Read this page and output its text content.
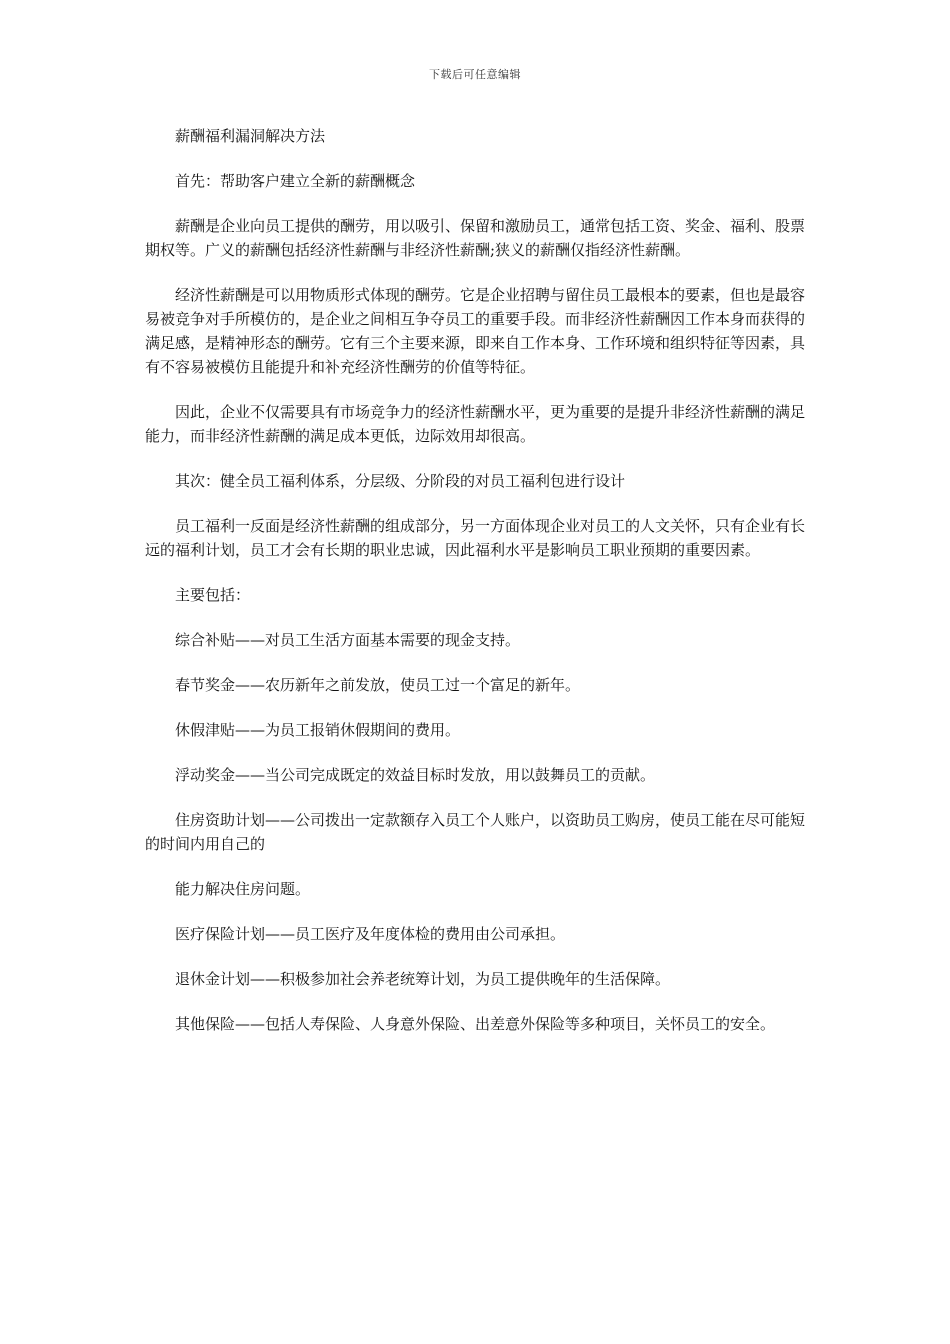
下载后可任意编辑

薪酬福利漏洞解决方法

首先：帮助客户建立全新的薪酬概念

薪酬是企业向员工提供的酬劳，用以吸引、保留和激励员工，通常包括工资、奖金、福利、股票期权等。广义的薪酬包括经济性薪酬与非经济性薪酬;狭义的薪酬仅指经济性薪酬。

经济性薪酬是可以用物质形式体现的酬劳。它是企业招聘与留住员工最根本的要素，但也是最容易被竞争对手所模仿的，是企业之间相互争夺员工的重要手段。而非经济性薪酬因工作本身而获得的满足感，是精神形态的酬劳。它有三个主要来源，即来自工作本身、工作环境和组织特征等因素，具有不容易被模仿且能提升和补充经济性酬劳的价值等特征。

因此，企业不仅需要具有市场竞争力的经济性薪酬水平，更为重要的是提升非经济性薪酬的满足能力，而非经济性薪酬的满足成本更低，边际效用却很高。

其次：健全员工福利体系，分层级、分阶段的对员工福利包进行设计

员工福利一反面是经济性薪酬的组成部分，另一方面体现企业对员工的人文关怀，只有企业有长远的福利计划，员工才会有长期的职业忠诚，因此福利水平是影响员工职业预期的重要因素。

主要包括：

综合补贴——对员工生活方面基本需要的现金支持。

春节奖金——农历新年之前发放，使员工过一个富足的新年。

休假津贴——为员工报销休假期间的费用。

浮动奖金——当公司完成既定的效益目标时发放，用以鼓舞员工的贡献。

住房资助计划——公司拨出一定款额存入员工个人账户，以资助员工购房，使员工能在尽可能短的时间内用自己的

能力解决住房问题。

医疗保险计划——员工医疗及年度体检的费用由公司承担。

退休金计划——积极参加社会养老统筹计划，为员工提供晚年的生活保障。

其他保险——包括人寿保险、人身意外保险、出差意外保险等多种项目，关怀员工的安全。
